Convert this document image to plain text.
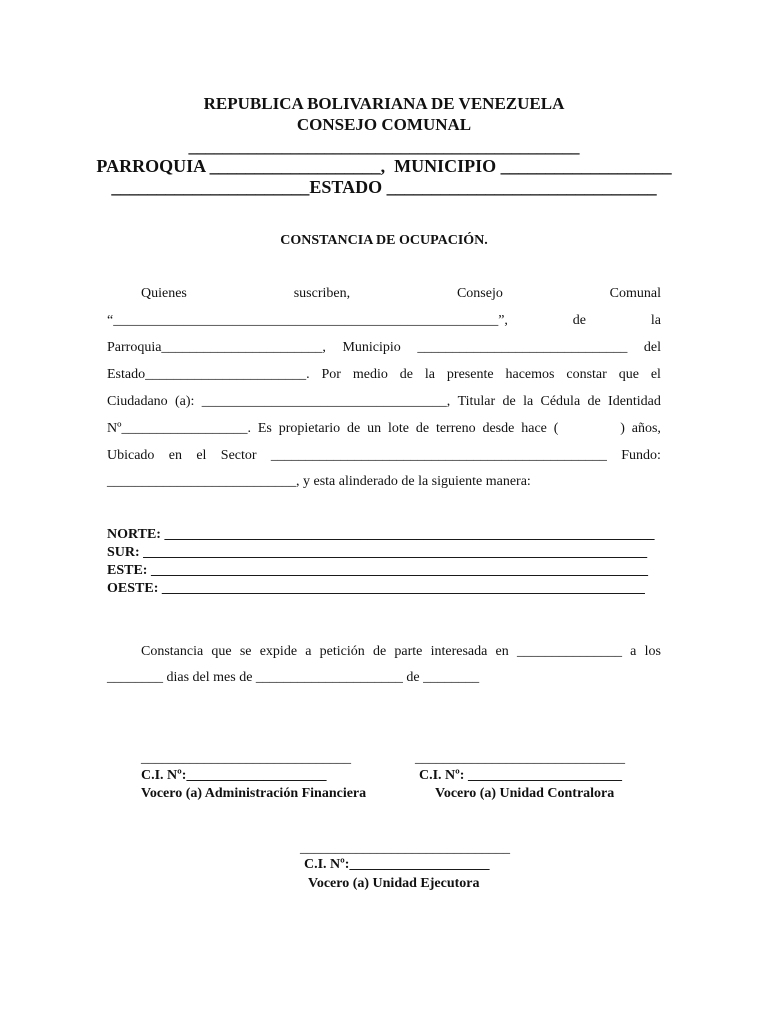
REPUBLICA BOLIVARIANA DE VENEZUELA
CONSEJO COMUNAL
______________________________________________
PARROQUIA ___________________,  MUNICIPIO ___________________
______________________ESTADO ______________________________
CONSTANCIA DE OCUPACIÓN.
Quienes	suscriben,	Consejo	Comunal
“_______________________________________________________”,	de	la
Parroquia_______________________, Municipio ______________________________ del
Estado_______________________. Por medio de la presente hacemos constar que el
Ciudadano (a): ___________________________________, Titular de la Cédula de Identidad
Nº__________________. Es propietario de un lote de terreno desde hace (	) años,
Ubicado en el Sector ________________________________________________ Fundo:
___________________________, y esta alinderado de la siguiente manera:
NORTE: ______________________________________________________________________
SUR: ________________________________________________________________________
ESTE: _______________________________________________________________________
OESTE: _____________________________________________________________________
Constancia que se expide a petición de parte interesada en _______________ a los
________ dias del mes de _____________________ de ________
______________________________
C.I. Nº:____________________
Vocero (a) Administración Financiera
______________________________
C.I. Nº: ______________________
Vocero (a) Unidad Contralora
______________________________
C.I. Nº:____________________
Vocero (a) Unidad Ejecutora
